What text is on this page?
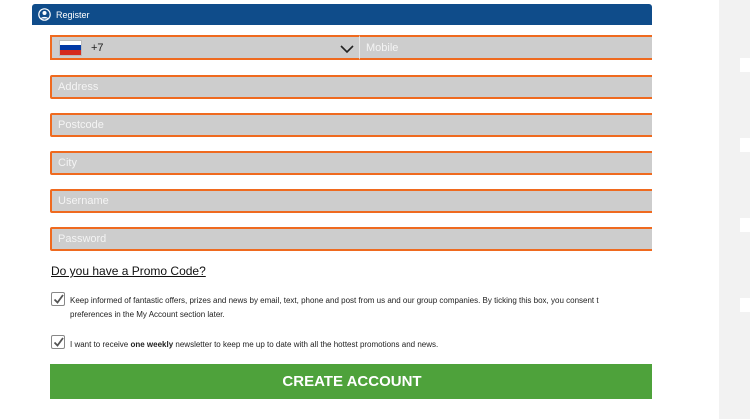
Register
+7	Mobile
Address
Postcode
City
Username
Password
Do you have a Promo Code?
Keep informed of fantastic offers, prizes and news by email, text, phone and post from us and our group companies. By ticking this box, you consent t
preferences in the My Account section later.
I want to receive one weekly newsletter to keep me up to date with all the hottest promotions and news.
CREATE ACCOUNT
